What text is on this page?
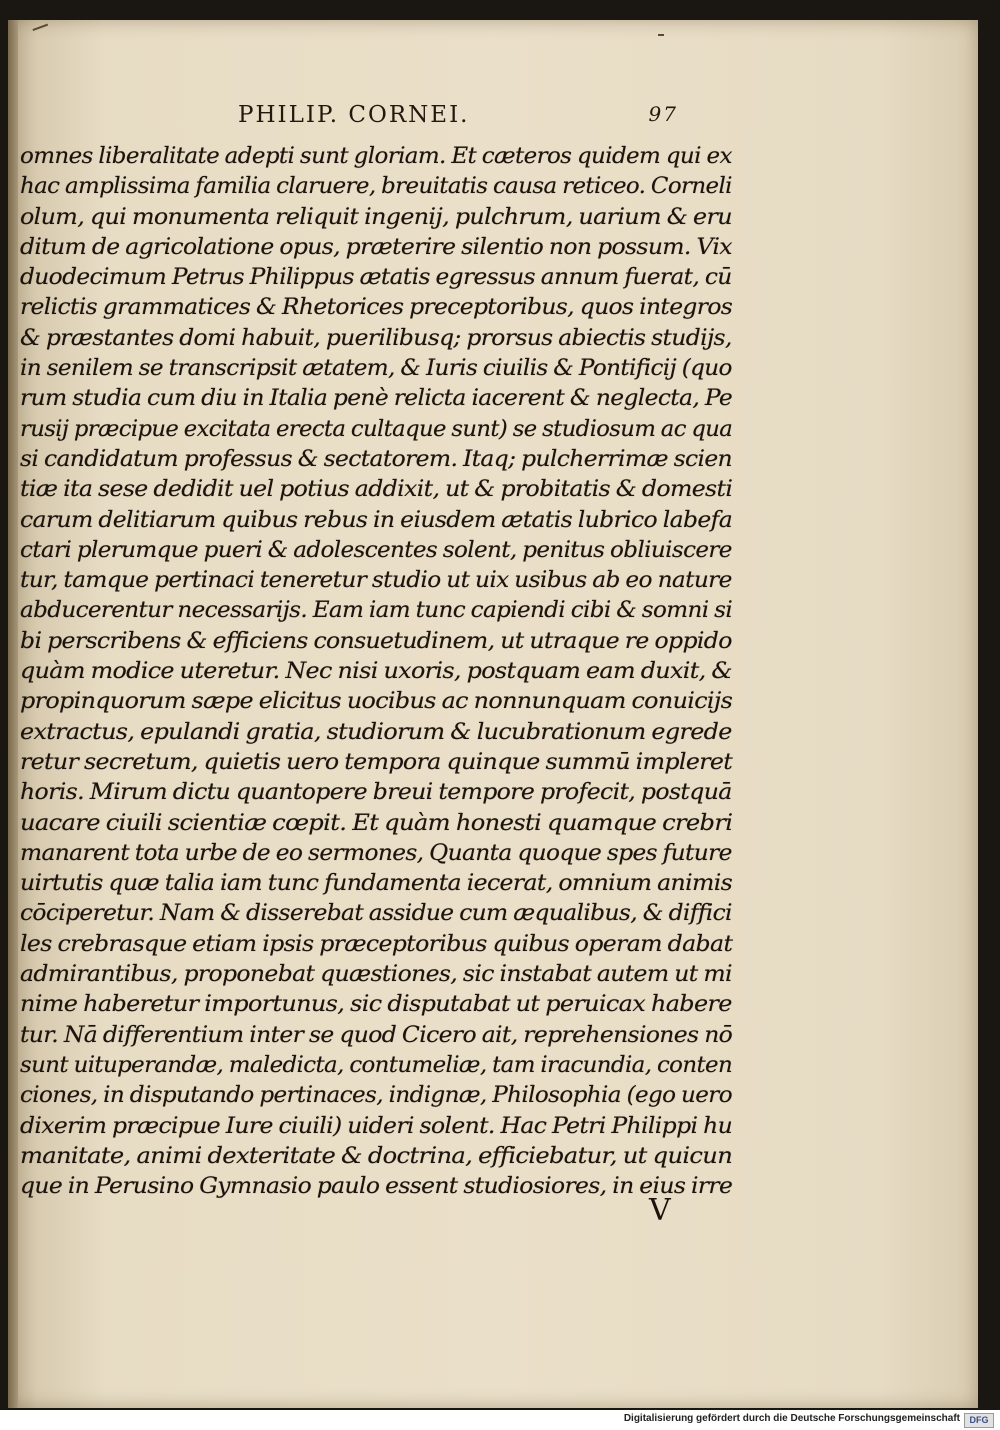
PHILIP. CORNEI.	97
omnes liberalitate adepti sunt gloriam. Et cæteros quidem qui ex
hac amplissima familia claruere, breuitatis causa reticeo. Corneli
olum, qui monumenta reliquit ingenij, pulchrum, uarium & eru
ditum de agricolatione opus, præterire silentio non possum. Vix
duodecimum Petrus Philippus ætatis egressus annum fuerat, cū
relictis grammatices & Rhetorices preceptoribus, quos integros
& præstantes domi habuit, puerilibusq; prorsus abiectis studijs,
in senilem se transcripsit ætatem, & Iuris ciuilis & Pontificij (quo
rum studia cum diu in Italia penè relicta iacerent & neglecta, Pe
rusij præcipue excitata erecta cultaque sunt) se studiosum ac qua
si candidatum professus & sectatorem. Itaq; pulcherrimæ scien
tiæ ita sese dedidit uel potius addixit, ut & probitatis & domesti
carum delitiarum quibus rebus in eiusdem ætatis lubrico labefa
ctari plerumque pueri & adolescentes solent, penitus obliuiscere
tur, tamque pertinaci teneretur studio ut uix usibus ab eo nature
abducerentur necessarijs. Eam iam tunc capiendi cibi & somni si
bi perscribens & efficiens consuetudinem, ut utraque re oppido
quàm modice uteretur. Nec nisi uxoris, postquam eam duxit, &
propinquorum sæpe elicitus uocibus ac nonnunquam conuicijs
extractus, epulandi gratia, studiorum & lucubrationum egrede
retur secretum, quietis uero tempora quinque summū impleret
horis. Mirum dictu quantopere breui tempore profecit, postquā
uacare ciuili scientiæ cœpit. Et quàm honesti quamque crebri
manarent tota urbe de eo sermones, Quanta quoque spes future
uirtutis quæ talia iam tunc fundamenta iecerat, omnium animis
cōciperetur. Nam & disserebat assidue cum æqualibus, & diffici
les crebrasque etiam ipsis præceptoribus quibus operam dabat
admirantibus, proponebat quæstiones, sic instabat autem ut mi
nime haberetur importunus, sic disputabat ut peruicax habere
tur. Nā differentium inter se quod Cicero ait, reprehensiones nō
sunt uituperandæ, maledicta, contumeliæ, tam iracundia, conten
ciones, in disputando pertinaces, indignæ, Philosophia (ego uero
dixerim præcipue Iure ciuili) uideri solent. Hac Petri Philippi hu
manitate, animi dexteritate & doctrina, efficiebatur, ut quicun
que in Perusino Gymnasio paulo essent studiosiores, in eius irre
V
Digitalisierung gefördert durch die Deutsche Forschungsgemeinschaft	DFG
